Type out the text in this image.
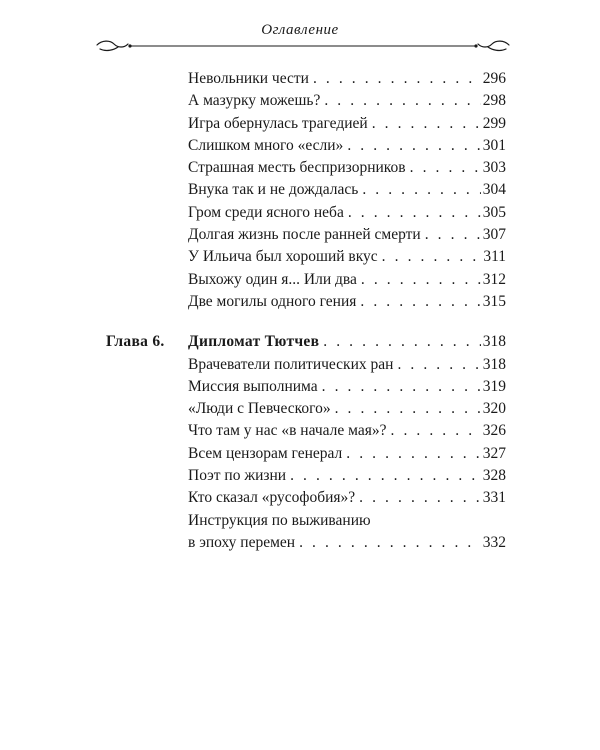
Оглавление
Невольники чести . . .	296
А мазурку можешь? . . .	298
Игра обернулась трагедией . . .	299
Слишком много «если» . . .	301
Страшная месть беспризорников . . .	303
Внука так и не дождалась . . .	304
Гром среди ясного неба . . .	305
Долгая жизнь после ранней смерти . . .	307
У Ильича был хороший вкус . . .	311
Выхожу один я... Или два . . .	312
Две могилы одного гения . . .	315
Глава 6. Дипломат Тютчев . . .	318
Врачеватели политических ран . . .	318
Миссия выполнима . . .	319
«Люди с Певческого» . . .	320
Что там у нас «в начале мая»? . . .	326
Всем цензорам генерал . . .	327
Поэт по жизни . . .	328
Кто сказал «русофобия»? . . .	331
Инструкция по выживанию
в эпоху перемен . . .	332
